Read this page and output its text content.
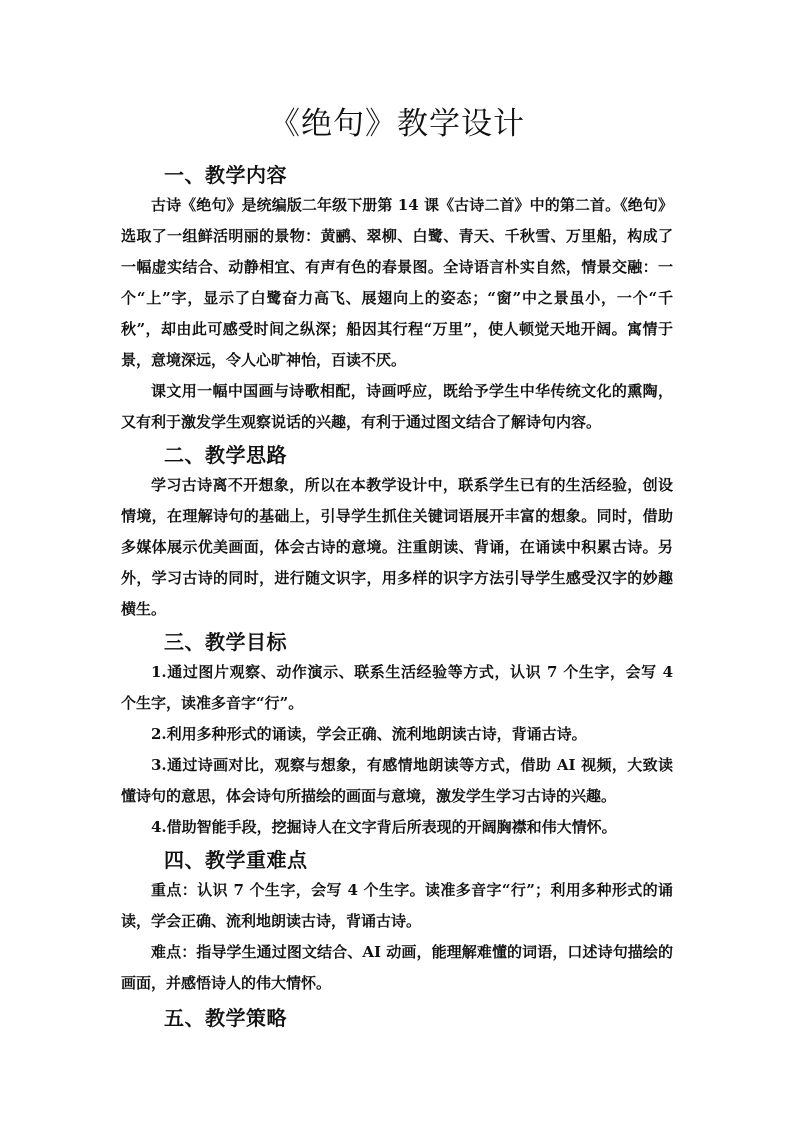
《绝句》教学设计
一、教学内容

古诗《绝句》是统编版二年级下册第 14 课《古诗二首》中的第二首。《绝句》选取了一组鲜活明丽的景物：黄鹂、翠柳、白鹭、青天、千秋雪、万里船，构成了一幅虚实结合、动静相宜、有声有色的春景图。全诗语言朴实自然，情景交融：一个“上”字，显示了白鹭奋力高飞、展翅向上的姿态；“窗”中之景虽小，一个“千秋”，却由此可感受时间之纵深；船因其行程“万里”，使人顿觉天地开阔。寓情于景，意境深远，令人心旷神怡，百读不厌。

课文用一幅中国画与诗歌相配，诗画呼应，既给予学生中华传统文化的熏陶，又有利于激发学生观察说话的兴趣，有利于通过图文结合了解诗句内容。

二、教学思路

学习古诗离不开想象，所以在本教学设计中，联系学生已有的生活经验，创设情境，在理解诗句的基础上，引导学生抓住关键词语展开丰富的想象。同时，借助多媒体展示优美画面，体会古诗的意境。注重朗读、背诵，在诵读中积累古诗。另外，学习古诗的同时，进行随文识字，用多样的识字方法引导学生感受汉字的妙趣横生。

三、教学目标

1.通过图片观察、动作演示、联系生活经验等方式，认识 7 个生字，会写 4 个生字，读准多音字“行”。

2.利用多种形式的诵读，学会正确、流利地朗读古诗，背诵古诗。

3.通过诗画对比，观察与想象，有感情地朗读等方式，借助 AI 视频，大致读懂诗句的意思，体会诗句所描绘的画面与意境，激发学生学习古诗的兴趣。

4.借助智能手段，挖掘诗人在文字背后所表现的开阔胸襟和伟大情怀。

四、教学重难点

重点：认识 7 个生字，会写 4 个生字。读准多音字“行”；利用多种形式的诵读，学会正确、流利地朗读古诗，背诵古诗。

难点：指导学生通过图文结合、AI 动画，能理解难懂的词语，口述诗句描绘的画面，并感悟诗人的伟大情怀。

五、教学策略
